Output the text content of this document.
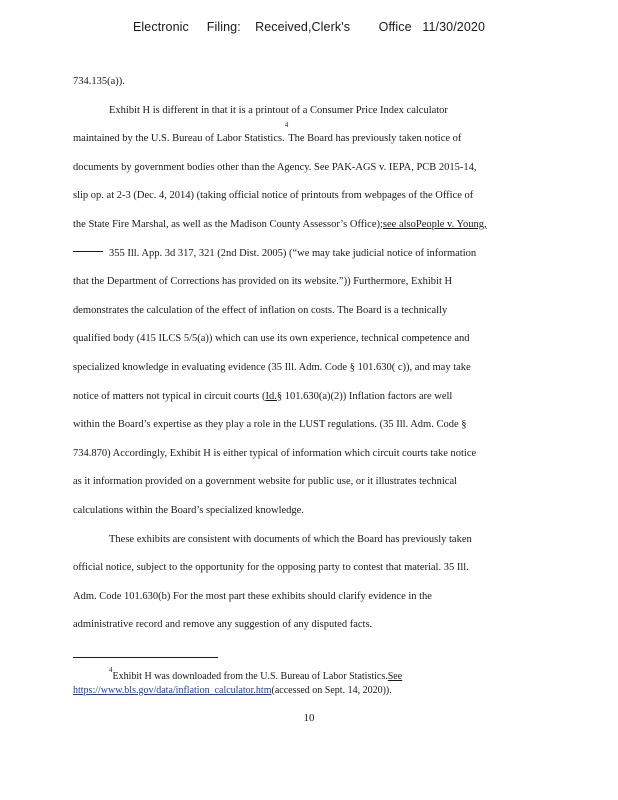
Electronic     Filing:    Received,Clerk's        Office   11/30/2020
734.135(a)).
Exhibit H is different in that it is a printout of a Consumer Price Index calculator
maintained by the U.S. Bureau of Labor Statistics.
4
The Board has previously taken notice of
documents by government bodies other than the Agency. See PAK-AGS v. IEPA, PCB 2015-14,
slip op. at 2-3 (Dec. 4, 2014) (taking official notice of printouts from webpages of the Office of
the State Fire Marshal, as well as the Madison County Assessor’s Office); see also People v. Young,
355 Ill. App. 3d 317, 321 (2nd Dist. 2005) (“we may take judicial notice of information
that the Department of Corrections has provided on its website.”)) Furthermore, Exhibit H
demonstrates the calculation of the effect of inflation on costs. The Board is a technically
qualified body (415 ILCS 5/5(a)) which can use its own experience, technical competence and
specialized knowledge in evaluating evidence (35 Ill. Adm. Code § 101.630( c)), and may take
notice of matters not typical in circuit courts ( Id. § 101.630(a)(2)) Inflation factors are well
within the Board’s expertise as they play a role in the LUST regulations. (35 Ill. Adm. Code §
734.870) Accordingly, Exhibit H is either typical of information which circuit courts take notice
as it information provided on a government website for public use, or it illustrates technical
calculations within the Board’s specialized knowledge.
These exhibits are consistent with documents of which the Board has previously taken
official notice, subject to the opportunity for the opposing party to contest that material. 35 Ill.
Adm. Code 101.630(b) For the most part these exhibits should clarify evidence in the
administrative record and remove any suggestion of any disputed facts.
4
Exhibit H was downloaded from the U.S. Bureau of Labor Statistics. See
https://www.bls.gov/data/inflation_calculator.htm (accessed on Sept. 14, 2020)).
10
